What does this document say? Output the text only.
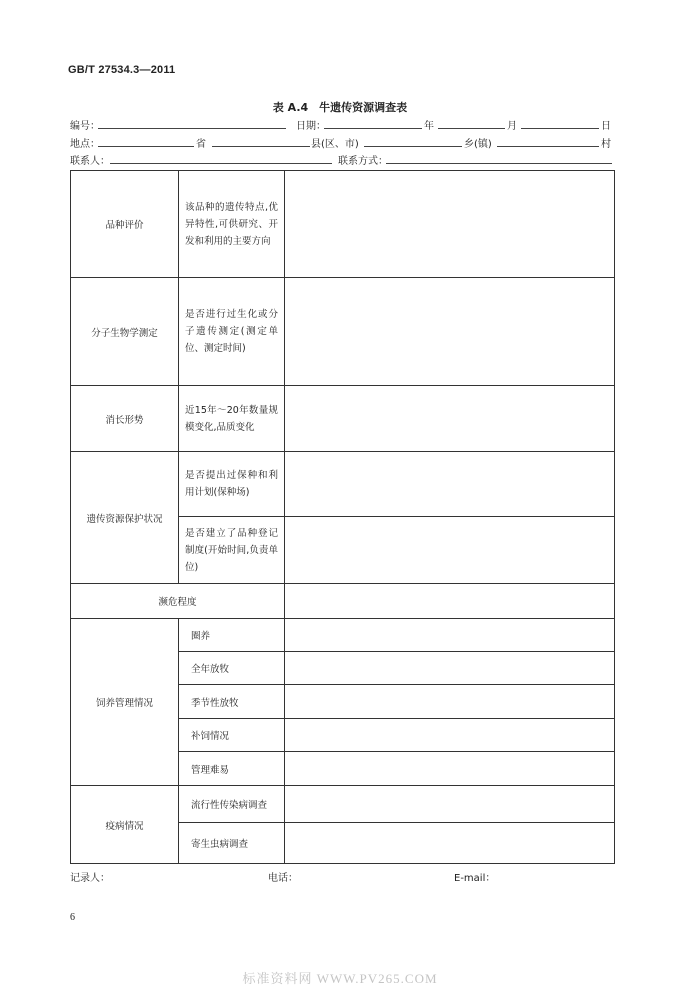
GB/T 27534.3—2011
表 A.4　牛遗传资源调查表
编号：	日期：	年	月	日
地点：	省	县(区、市)	乡(镇)	村
联系人：	联系方式：
品种评价	该品种的遗传特点,优异特性,可供研究、开发和利用的主要方向	
分子生物学测定	是否进行过生化或分子遗传测定(测定单位、测定时间)	
消长形势	近15年～20年数量规模变化,品质变化	
遗传资源保护状况	是否提出过保种和利用计划(保种场)	
	是否建立了品种登记制度(开始时间,负责单位)	
濒危程度		
饲养管理情况	圈养	
	全年放牧	
	季节性放牧	
	补饲情况	
	管理难易	
疫病情况	流行性传染病调查	
	寄生虫病调查	
记录人：	电话：	E-mail：
6
标准资料网 WWW.PV265.COM
